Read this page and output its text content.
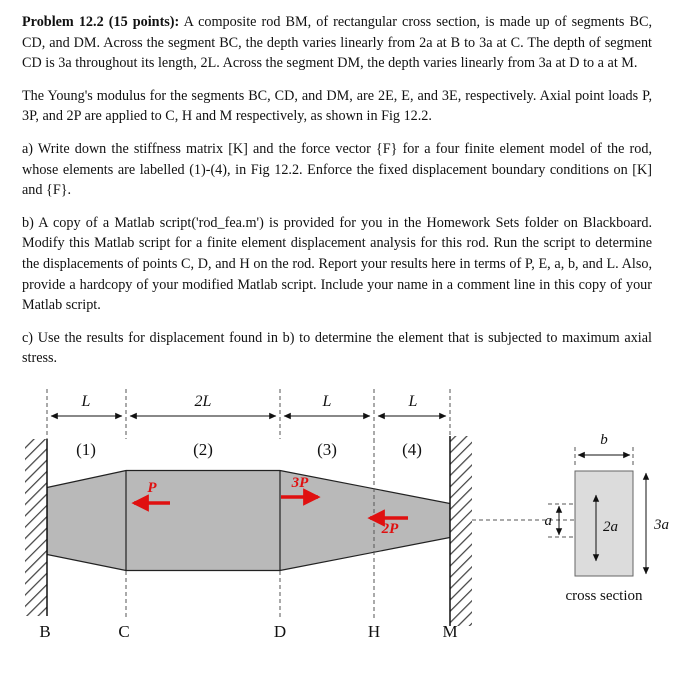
Problem 12.2 (15 points): A composite rod BM, of rectangular cross section, is made up of segments BC, CD, and DM. Across the segment BC, the depth varies linearly from 2a at B to 3a at C. The depth of segment CD is 3a throughout its length, 2L. Across the segment DM, the depth varies linearly from 3a at D to a at M.

The Young's modulus for the segments BC, CD, and DM, are 2E, E, and 3E, respectively. Axial point loads P, 3P, and 2P are applied to C, H and M respectively, as shown in Fig 12.2.

a) Write down the stiffness matrix [K] and the force vector {F} for a four finite element model of the rod, whose elements are labelled (1)-(4), in Fig 12.2. Enforce the fixed displacement boundary conditions on [K] and {F}.

b) A copy of a Matlab script('rod_fea.m') is provided for you in the Homework Sets folder on Blackboard. Modify this Matlab script for a finite element displacement analysis for this rod. Run the script to determine the displacements of points C, D, and H on the rod. Report your results here in terms of P, E, a, b, and L. Also, provide a hardcopy of your modified Matlab script. Include your name in a comment line in this copy of your Matlab script.

c) Use the results for displacement found in b) to determine the element that is subjected to maximum axial stress.

L	2L	L	L
(1)	(2)	(3)	(4)
P	3P
2P
B	C	D	H	M
b
a	2a 3a
cross section
